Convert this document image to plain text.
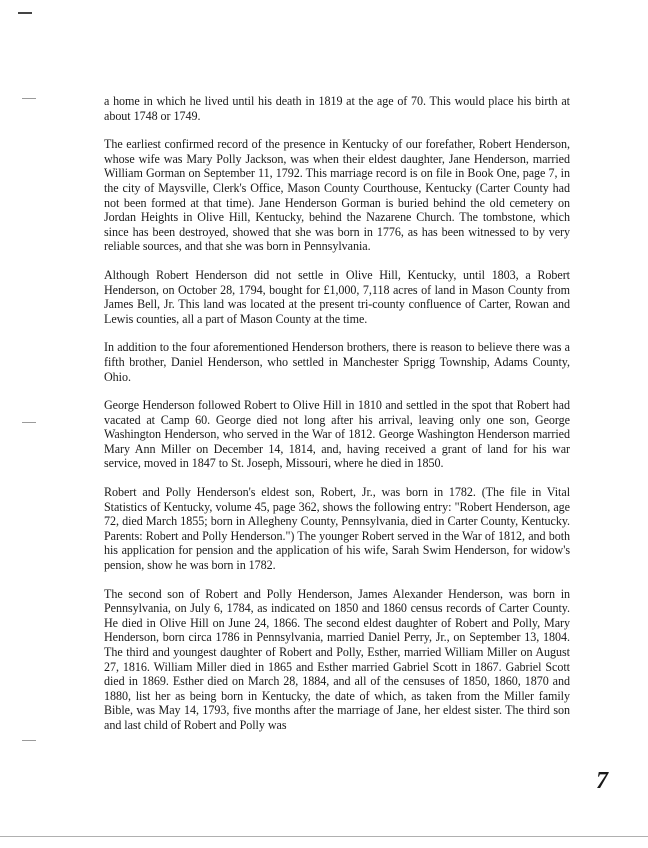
a home in which he lived until his death in 1819 at the age of 70. This would place his birth at about 1748 or 1749.

The earliest confirmed record of the presence in Kentucky of our forefather, Robert Henderson, whose wife was Mary Polly Jackson, was when their eldest daughter, Jane Henderson, married William Gorman on September 11, 1792. This marriage record is on file in Book One, page 7, in the city of Maysville, Clerk's Office, Mason County Courthouse, Kentucky (Carter County had not been formed at that time). Jane Henderson Gorman is buried behind the old cemetery on Jordan Heights in Olive Hill, Kentucky, behind the Nazarene Church. The tombstone, which since has been destroyed, showed that she was born in 1776, as has been witnessed to by very reliable sources, and that she was born in Pennsylvania.

Although Robert Henderson did not settle in Olive Hill, Kentucky, until 1803, a Robert Henderson, on October 28, 1794, bought for £1,000, 7,118 acres of land in Mason County from James Bell, Jr. This land was located at the present tri-county confluence of Carter, Rowan and Lewis counties, all a part of Mason County at the time.

In addition to the four aforementioned Henderson brothers, there is reason to believe there was a fifth brother, Daniel Henderson, who settled in Manchester Sprigg Township, Adams County, Ohio.

George Henderson followed Robert to Olive Hill in 1810 and settled in the spot that Robert had vacated at Camp 60. George died not long after his arrival, leaving only one son, George Washington Henderson, who served in the War of 1812. George Washington Henderson married Mary Ann Miller on December 14, 1814, and, having received a grant of land for his war service, moved in 1847 to St. Joseph, Missouri, where he died in 1850.

Robert and Polly Henderson's eldest son, Robert, Jr., was born in 1782. (The file in Vital Statistics of Kentucky, volume 45, page 362, shows the following entry: "Robert Henderson, age 72, died March 1855; born in Allegheny County, Pennsylvania, died in Carter County, Kentucky. Parents: Robert and Polly Henderson.") The younger Robert served in the War of 1812, and both his application for pension and the application of his wife, Sarah Swim Henderson, for widow's pension, show he was born in 1782.

The second son of Robert and Polly Henderson, James Alexander Henderson, was born in Pennsylvania, on July 6, 1784, as indicated on 1850 and 1860 census records of Carter County. He died in Olive Hill on June 24, 1866. The second eldest daughter of Robert and Polly, Mary Henderson, born circa 1786 in Pennsylvania, married Daniel Perry, Jr., on September 13, 1804. The third and youngest daughter of Robert and Polly, Esther, married William Miller on August 27, 1816. William Miller died in 1865 and Esther married Gabriel Scott in 1867. Gabriel Scott died in 1869. Esther died on March 28, 1884, and all of the censuses of 1850, 1860, 1870 and 1880, list her as being born in Kentucky, the date of which, as taken from the Miller family Bible, was May 14, 1793, five months after the marriage of Jane, her eldest sister. The third son and last child of Robert and Polly was

7
